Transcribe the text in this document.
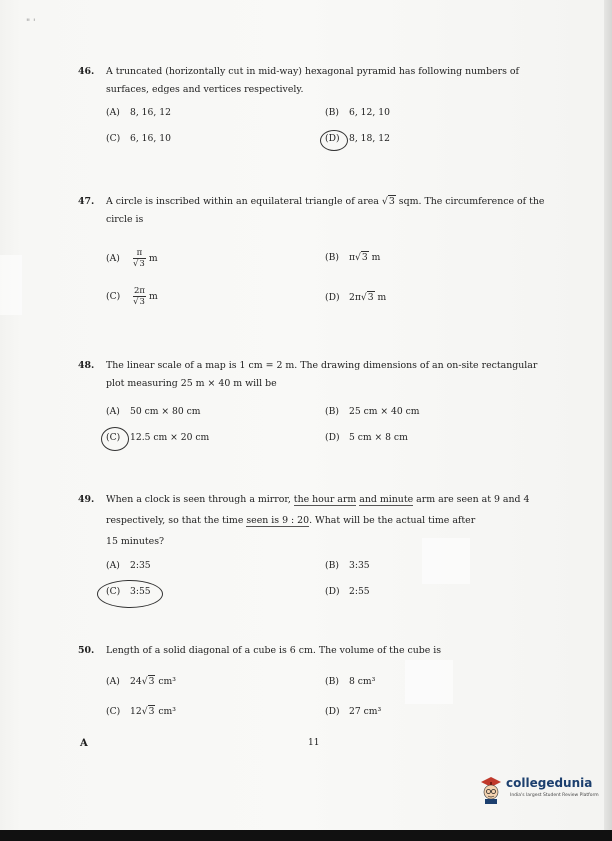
" '
46. A truncated (horizontally cut in mid-way) hexagonal pyramid has following numbers of surfaces, edges and vertices respectively.
(A) 8, 16, 12	(B) 6, 12, 10
(C) 6, 16, 10	(D) 8, 18, 12
47. A circle is inscribed within an equilateral triangle of area √3 sqm. The circumference of the circle is
$(A) \frac{\pi}{√3}$ m	(B) π√3 m
$(C) \frac{2\pi}{√3}$ m	(D) 2π√3 m
48. The linear scale of a map is 1 cm = 2 m. The drawing dimensions of an on-site rectangular plot measuring 25 m × 40 m will be
(A) 50 cm × 80 cm	(B) 25 cm × 40 cm
(C) 12.5 cm × 20 cm	(D) 5 cm × 8 cm
49. When a clock is seen through a mirror, the hour arm and minute arm are seen at 9 and 4
respectively, so that the time seen is 9 : 20. What will be the actual time after
15 minutes?
(A) 2:35	(B) 3:35
(C) 3:55	(D) 2:55
50. Length of a solid diagonal of a cube is 6 cm. The volume of the cube is
(A) 24√3 cm³	(B) 8 cm³
(C) 12√3 cm³	(D) 27 cm³
A	11
collegedunia
India's largest Student Review Platform
